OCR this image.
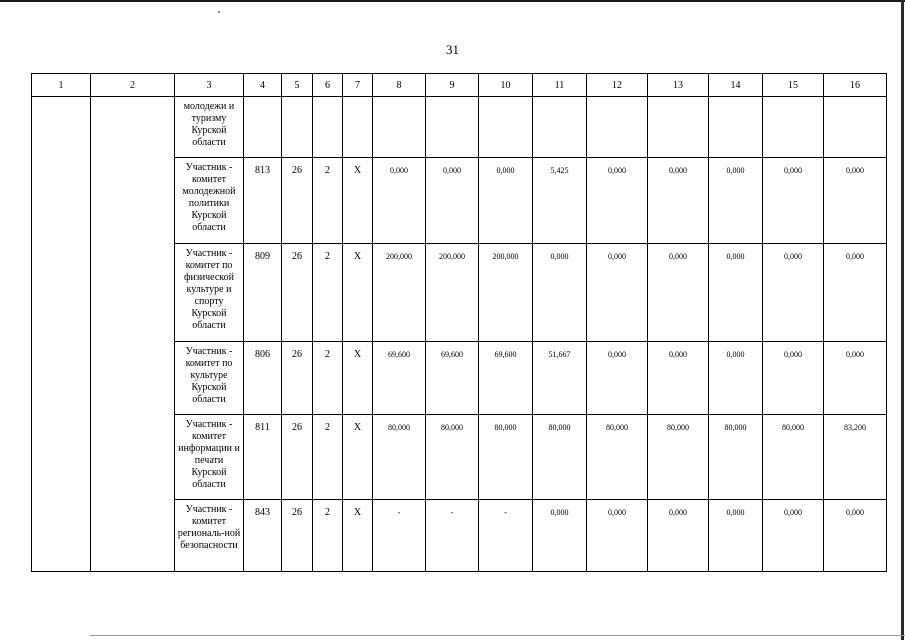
31
1	2	3	4	5	6	7	8	9	10	11	12	13	14	15	16
		молодежи и туризму Курской области													
		Участник - комитет молодежной политики Курской области	813	26	2	Х	0,000	0,000	0,000	5,425	0,000	0,000	0,000	0,000	0,000
		Участник - комитет по физической культуре и спорту Курской области	809	26	2	Х	200,000	200,000	200,000	0,000	0,000	0,000	0,000	0,000	0,000
		Участник - комитет по культуре Курской области	806	26	2	Х	69,600	69,600	69,600	51,667	0,000	0,000	0,000	0,000	0,000
		Участник - комитет информации и печати Курской области	811	26	2	Х	80,000	80,000	80,000	80,000	80,000	80,000	80,000	80,000	83,200
		Участник - комитет региональ-ной безопасности	843	26	2	Х	-	-	-	0,000	0,000	0,000	0,000	0,000	0,000
